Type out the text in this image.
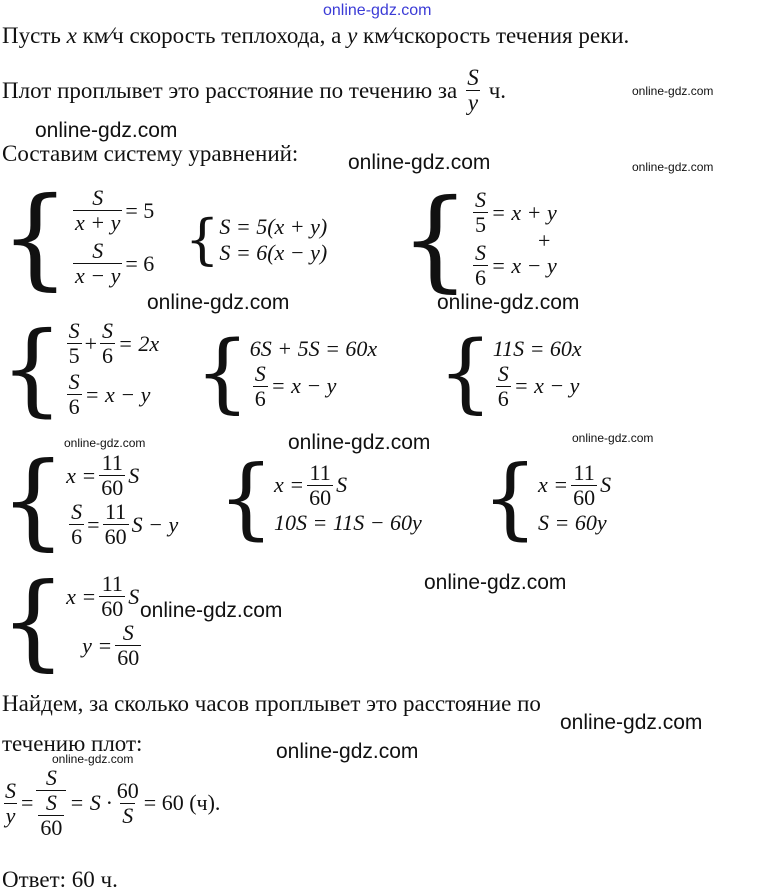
online-gdz.com
Пусть x км⁄ч скорость теплохода, а y км⁄чскорость течения реки.
Плот проплывет это расстояние по течению за $\frac{S}{y} ч$.	online-gdz.com
online-gdz.com
Составим систему уравнений: online-gdz.com	online-gdz.com
{ $\frac{S}{x + y} = 5$
$\frac{S}{x - y} = 6$ { S = 5(x + y)
S = 6(x − y) { $\frac{S}{5} = x + y$
$\frac{S}{6} = x - y$
+
online-gdz.com	online-gdz.com
{ $\frac{S}{5} + \frac{S}{6} = 2x$
$\frac{S}{6} = x - y$ { 6S + 5S = 60x
$\frac{S}{6} = x - y$ { 11S = 60x
$\frac{S}{6} = x - y$
online-gdz.com	online-gdz.com	online-gdz.com
{ $x = \frac{11}{60}$ S
$\frac{S}{6} = \frac{11}{60}$ S − y { $x = \frac{11}{60}$ S
10S = 11S − 60y { $x = \frac{11}{60}$ S
S = 60y
{ $x = \frac{11}{60}$ S
$y = \frac{S}{60}$
online-gdz.com
online-gdz.com
Найдем, за сколько часов проплывет это расстояние по
online-gdz.com
течению плот:	online-gdz.com
online-gdz.com
$\frac{S}{y} = \frac{S}{\frac{S}{60}} = S \cdot \frac{60}{S} = 60$ (ч).
Ответ: 60 ч.
